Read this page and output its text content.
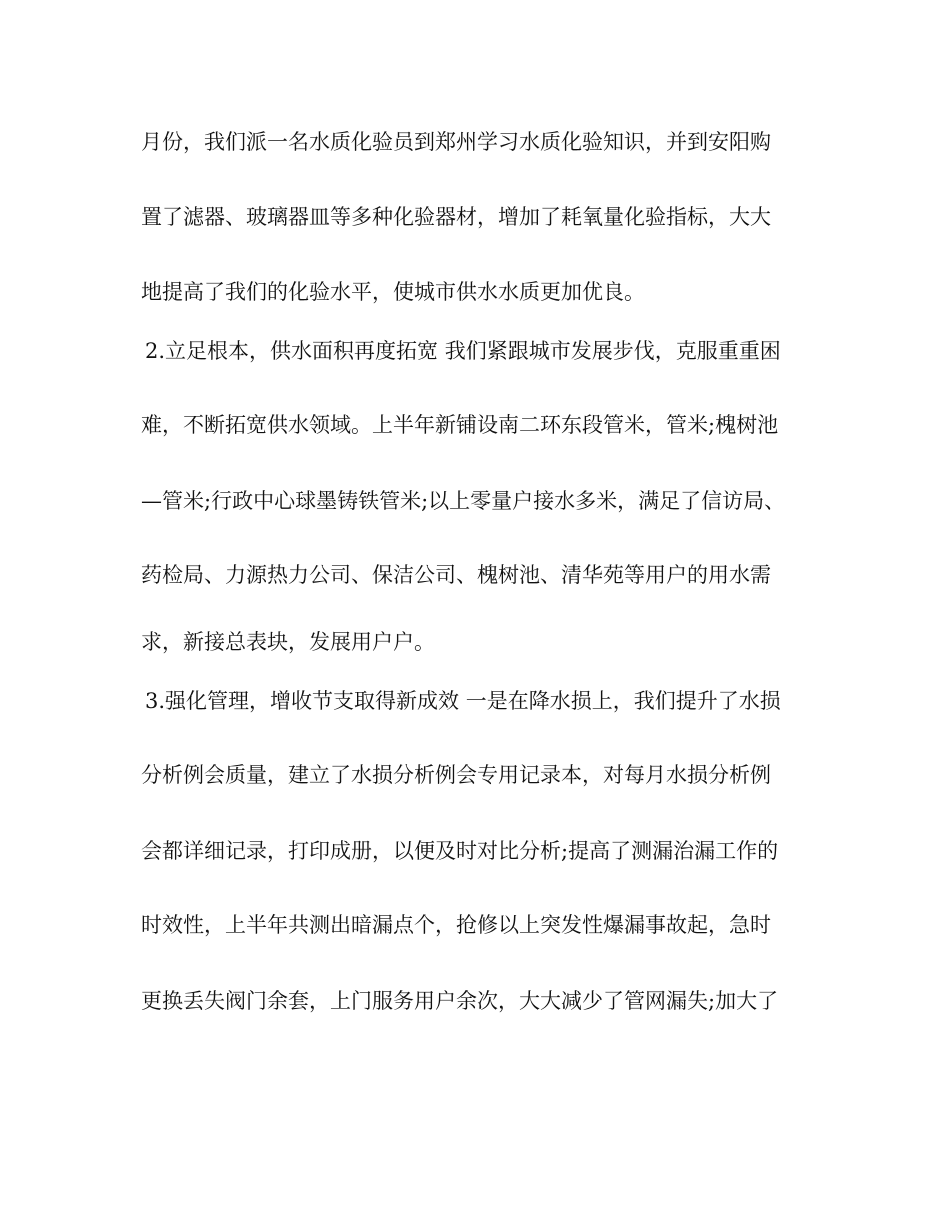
月份，我们派一名水质化验员到郑州学习水质化验知识，并到安阳购
置了滤器、玻璃器皿等多种化验器材，增加了耗氧量化验指标，大大
地提高了我们的化验水平，使城市供水水质更加优良。
2.立足根本，供水面积再度拓宽 我们紧跟城市发展步伐，克服重重困
难，不断拓宽供水领域。上半年新铺设南二环东段管米，管米;槐树池
—管米;行政中心球墨铸铁管米;以上零量户接水多米，满足了信访局、
药检局、力源热力公司、保洁公司、槐树池、清华苑等用户的用水需
求，新接总表块，发展用户户。
3.强化管理，增收节支取得新成效 一是在降水损上，我们提升了水损
分析例会质量，建立了水损分析例会专用记录本，对每月水损分析例
会都详细记录，打印成册，以便及时对比分析;提高了测漏治漏工作的
时效性，上半年共测出暗漏点个，抢修以上突发性爆漏事故起，急时
更换丢失阀门余套，上门服务用户余次，大大减少了管网漏失;加大了
